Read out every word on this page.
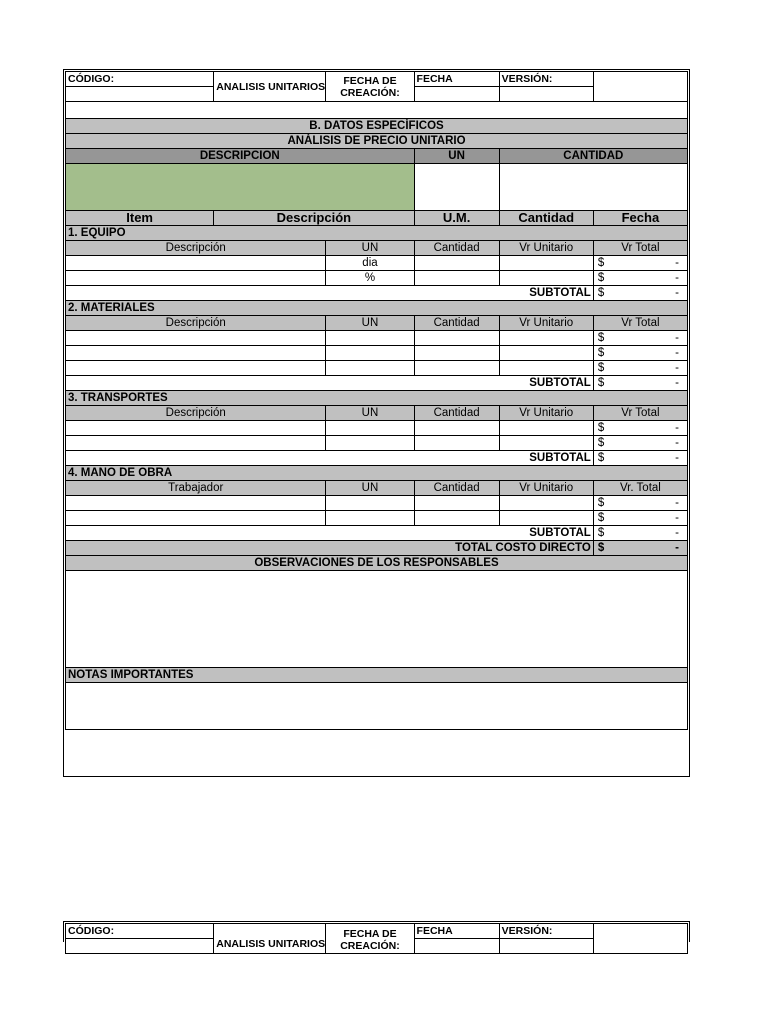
CÓDIGO:	ANALISIS UNITARIOS	FECHA DE
CREACIÓN:	FECHA	VERSIÓN:	

B. DATOS ESPECÍFICOS					
ANÁLISIS DE PRECIO UNITARIO					
DESCRIPCION			UN	CANTIDAD	

Item	Descripción		U.M.	Cantidad	Fecha
1. EQUIPO					
Descripción		UN	Cantidad	Vr Unitario	Vr Total
		dia			$ -

		%			$ -

SUBTOTAL					$ -

2. MATERIALES					
Descripción		UN	Cantidad	Vr Unitario	Vr Total

					$ -

					$ -

					$ -

SUBTOTAL					$ -

3. TRANSPORTES					
Descripción		UN	Cantidad	Vr Unitario	Vr Total

					$ -

					$ -

SUBTOTAL					$ -

4. MANO DE OBRA					
Trabajador		UN	Cantidad	Vr Unitario	Vr. Total

					$ -

					$ -

SUBTOTAL					$ -

TOTAL COSTO DIRECTO					$ -

OBSERVACIONES DE LOS RESPONSABLES					

NOTAS IMPORTANTES					

CÓDIGO:	ANALISIS UNITARIOS	FECHA DE
CREACIÓN:	FECHA	VERSIÓN:	
